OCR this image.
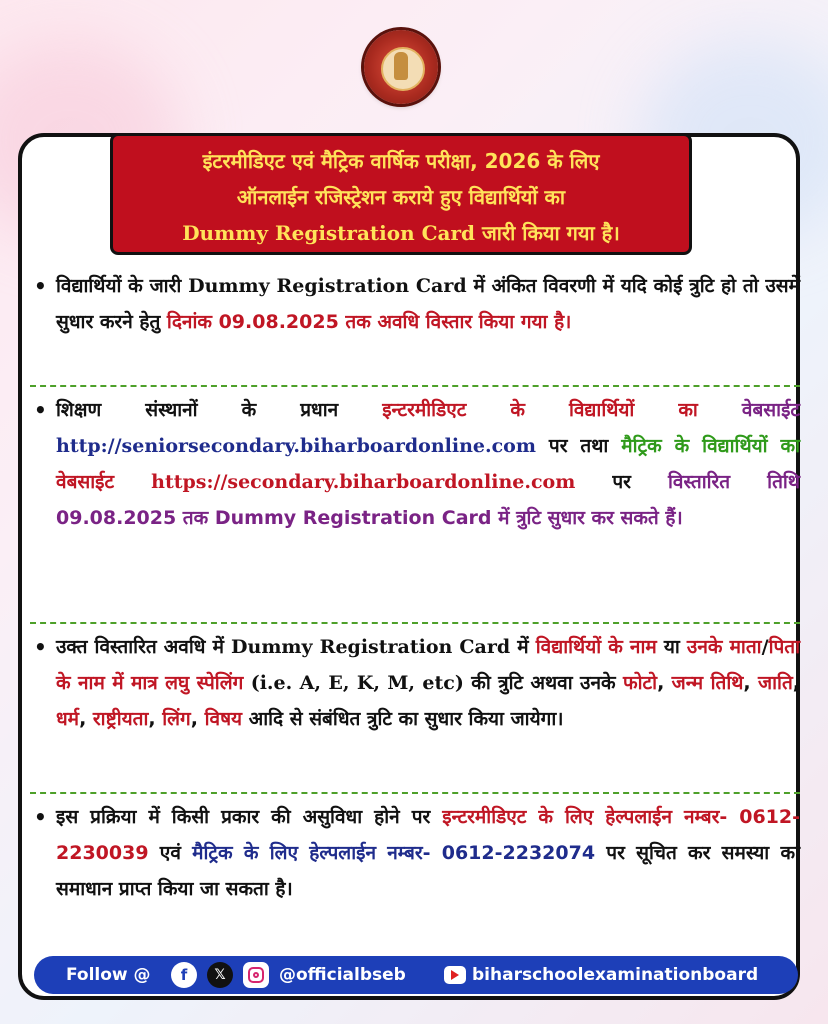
इंटरमीडिएट एवं मैट्रिक वार्षिक परीक्षा, 2026 के लिए
ऑनलाईन रजिस्ट्रेशन कराये हुए विद्यार्थियों का
Dummy Registration Card जारी किया गया है।
• विद्यार्थियों के जारी Dummy Registration Card में अंकित विवरणी में यदि कोई त्रुटि हो तो उसमें सुधार करने हेतु दिनांक 09.08.2025 तक अवधि विस्तार किया गया है।

• शिक्षण संस्थानों के प्रधान इन्टरमीडिएट के विद्यार्थियों का वेबसाईट http://seniorsecondary.biharboardonline.com पर तथा मैट्रिक के विद्यार्थियों का वेबसाईट https://secondary.biharboardonline.com पर विस्तारित तिथि 09.08.2025 तक Dummy Registration Card में त्रुटि सुधार कर सकते हैं।

• उक्त विस्तारित अवधि में Dummy Registration Card में विद्यार्थियों के नाम या उनके माता/पिता के नाम में मात्र लघु स्पेलिंग (i.e. A, E, K, M, etc) की त्रुटि अथवा उनके फोटो, जन्म तिथि, जाति, धर्म, राष्ट्रीयता, लिंग, विषय आदि से संबंधित त्रुटि का सुधार किया जायेगा।

• इस प्रक्रिया में किसी प्रकार की असुविधा होने पर इन्टरमीडिएट के लिए हेल्पलाईन नम्बर- 0612-2230039 एवं मैट्रिक के लिए हेल्पलाईन नम्बर- 0612-2232074 पर सूचित कर समस्या का समाधान प्राप्त किया जा सकता है।

Follow @	f	𝕏	@officialbseb	biharschoolexaminationboard
